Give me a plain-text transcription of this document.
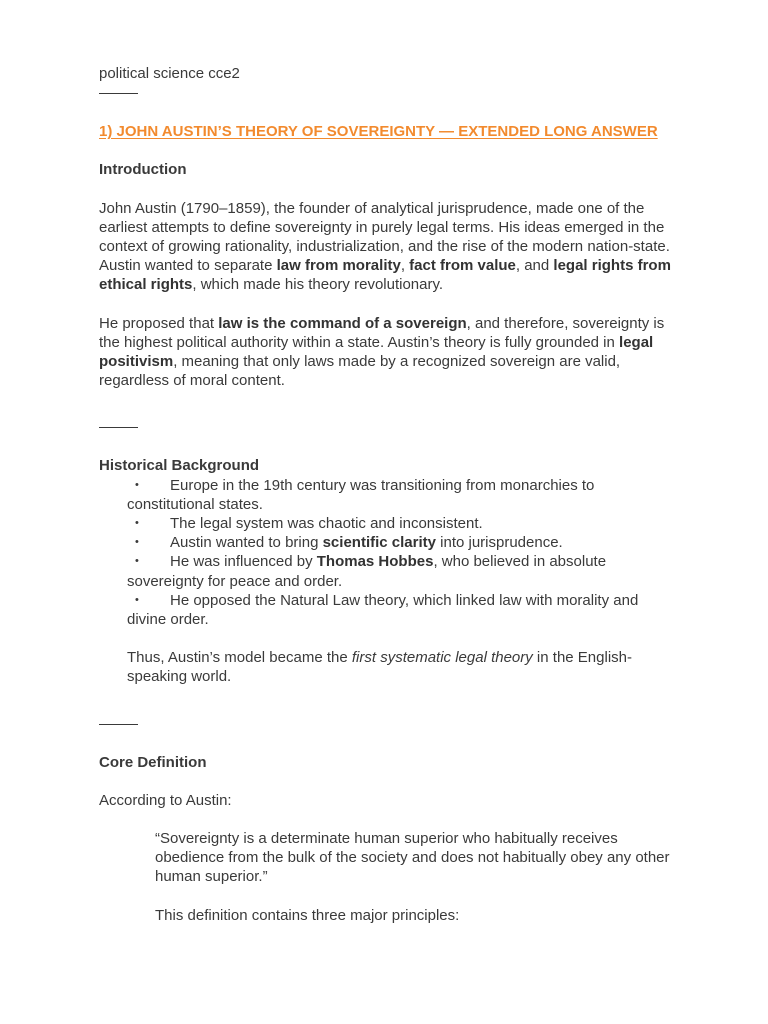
political science cce2

1) JOHN AUSTIN’S THEORY OF SOVEREIGNTY — EXTENDED LONG ANSWER

Introduction

John Austin (1790–1859), the founder of analytical jurisprudence, made one of the earliest attempts to define sovereignty in purely legal terms. His ideas emerged in the context of growing rationality, industrialization, and the rise of the modern nation-state. Austin wanted to separate law from morality, fact from value, and legal rights from ethical rights, which made his theory revolutionary.

He proposed that law is the command of a sovereign, and therefore, sovereignty is the highest political authority within a state. Austin’s theory is fully grounded in legal positivism, meaning that only laws made by a recognized sovereign are valid, regardless of moral content.

Historical Background

• Europe in the 19th century was transitioning from monarchies to constitutional states.
• The legal system was chaotic and inconsistent.
• Austin wanted to bring scientific clarity into jurisprudence.
• He was influenced by Thomas Hobbes, who believed in absolute sovereignty for peace and order.
• He opposed the Natural Law theory, which linked law with morality and divine order.

Thus, Austin’s model became the first systematic legal theory in the English-speaking world.

Core Definition

According to Austin:

“Sovereignty is a determinate human superior who habitually receives obedience from the bulk of the society and does not habitually obey any other human superior.”

This definition contains three major principles:
